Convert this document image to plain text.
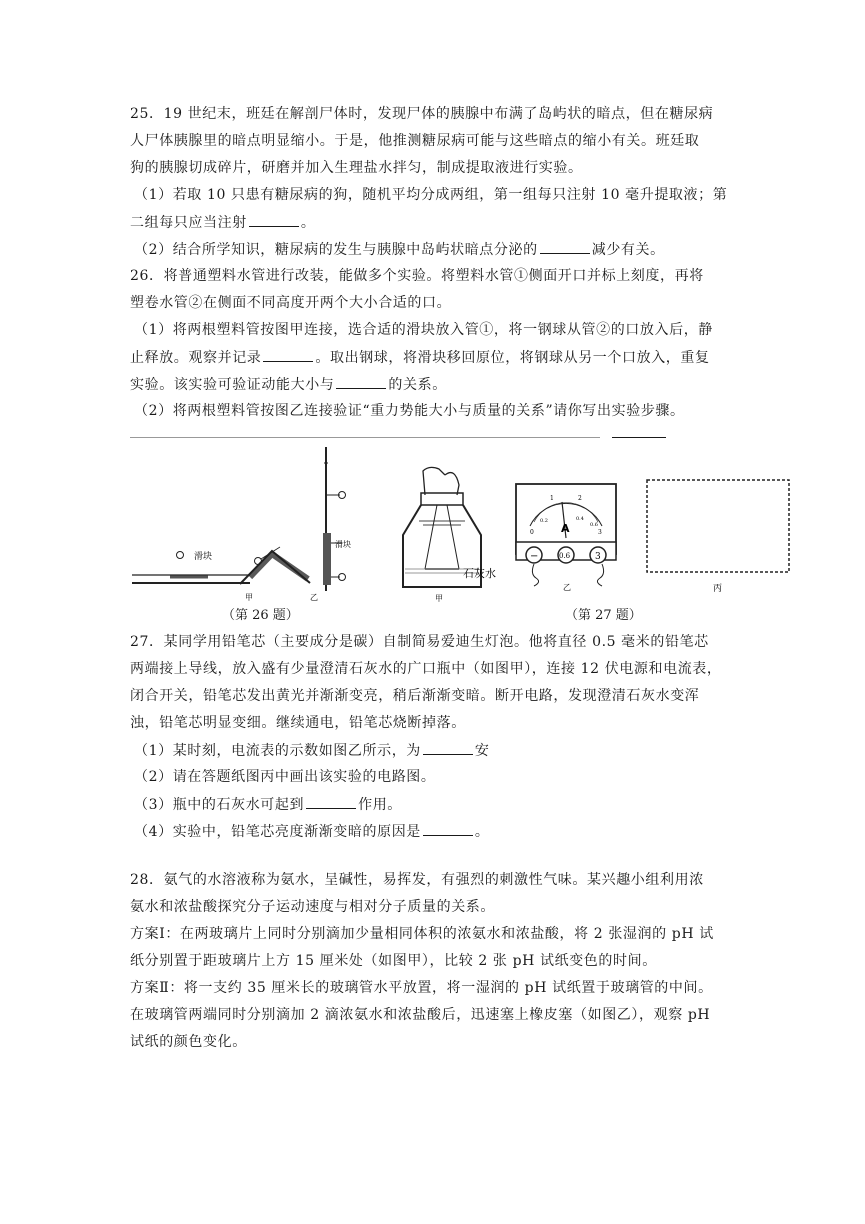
25．19 世纪末，班廷在解剖尸体时，发现尸体的胰腺中布满了岛屿状的暗点，但在糖尿病
人尸体胰腺里的暗点明显缩小。于是，他推测糖尿病可能与这些暗点的缩小有关。班廷取
狗的胰腺切成碎片，研磨并加入生理盐水拌匀，制成提取液进行实验。
（1）若取 10 只患有糖尿病的狗，随机平均分成两组，第一组每只注射 10 毫升提取液；第
二组每只应当注射	。
（2）结合所学知识，糖尿病的发生与胰腺中岛屿状暗点分泌的	减少有关。
26．将普通塑料水管进行改装，能做多个实验。将塑料水管①侧面开口并标上刻度，再将
塑卷水管②在侧面不同高度开两个大小合适的口。
（1）将两根塑料管按图甲连接，选合适的滑块放入管①，将一钢球从管②的口放入后，静
止释放。观察并记录	。取出钢球，将滑块移回原位，将钢球从另一个口放入，重复
实验。该实验可验证动能大小与	的关系。
（2）将两根塑料管按图乙连接验证“重力势能大小与质量的关系”请你写出实验步骤。
滑块
甲
滑块
乙
石灰水
甲
0
1	2
3
0.2	0.4
0.6
A
−	0.6	3
乙	丙
（第 26 题）	（第 27 题）
27．某同学用铅笔芯（主要成分是碳）自制简易爱迪生灯泡。他将直径 0.5 毫米的铅笔芯
两端接上导线，放入盛有少量澄清石灰水的广口瓶中（如图甲），连接 12 伏电源和电流表，
闭合开关，铅笔芯发出黄光并渐渐变亮，稍后渐渐变暗。断开电路，发现澄清石灰水变浑
浊，铅笔芯明显变细。继续通电，铅笔芯烧断掉落。
（1）某时刻，电流表的示数如图乙所示，为	安
（2）请在答题纸图丙中画出该实验的电路图。
（3）瓶中的石灰水可起到	作用。
（4）实验中，铅笔芯亮度渐渐变暗的原因是	。
28．氨气的水溶液称为氨水，呈碱性，易挥发，有强烈的刺激性气味。某兴趣小组利用浓
氨水和浓盐酸探究分子运动速度与相对分子质量的关系。
方案Ⅰ：在两玻璃片上同时分别滴加少量相同体积的浓氨水和浓盐酸，将 2 张湿润的 pH 试
纸分别置于距玻璃片上方 15 厘米处（如图甲），比较 2 张 pH 试纸变色的时间。
方案Ⅱ：将一支约 35 厘米长的玻璃管水平放置，将一湿润的 pH 试纸置于玻璃管的中间。
在玻璃管两端同时分别滴加 2 滴浓氨水和浓盐酸后，迅速塞上橡皮塞（如图乙），观察 pH
试纸的颜色变化。
